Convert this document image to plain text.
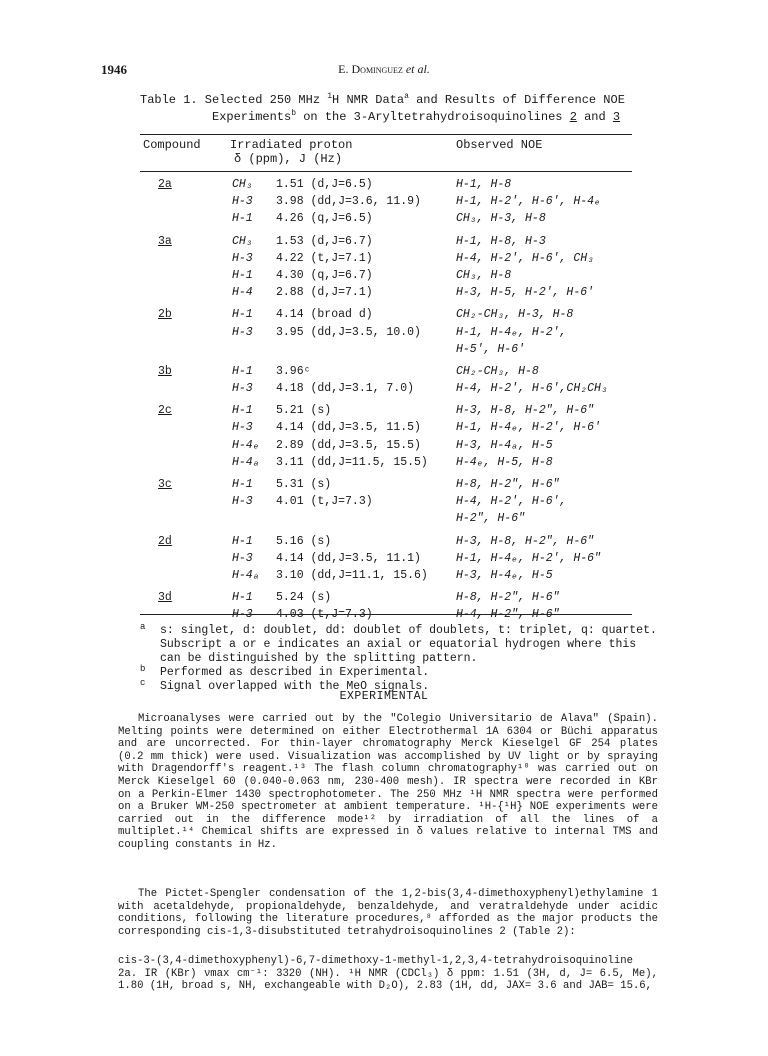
1946	E. Dominguez et al.
Table 1. Selected 250 MHz $^1$H NMR Data$^a$ and Results of Difference NOE
Experiments$^b$ on the 3-Aryltetrahydroisoquinolines 2 and 3
Compound Irradiated proton
δ (ppm), J (Hz)
Observed NOE
2a	CH₃ 1.51 (d,J=6.5)	H-1, H-8
H-3 3.98 (dd,J=3.6, 11.9)	H-1, H-2', H-6', H-4ₑ
H-1 4.26 (q,J=6.5)	CH₃, H-3, H-8
3a	CH₃ 1.53 (d,J=6.7)	H-1, H-8, H-3
H-3 4.22 (t,J=7.1)	H-4, H-2', H-6', CH₃
H-1 4.30 (q,J=6.7)	CH₃, H-8
H-4 2.88 (d,J=7.1)	H-3, H-5, H-2', H-6'
2b	H-1 4.14 (broad d)	CH₂-CH₃, H-3, H-8
H-3 3.95 (dd,J=3.5, 10.0)	H-1, H-4ₑ, H-2',
H-5', H-6'
3b	H-1 3.96ᶜ	CH₂-CH₃, H-8
H-3 4.18 (dd,J=3.1, 7.0)	H-4, H-2', H-6',CH₂CH₃
2c	H-1 5.21 (s)	H-3, H-8, H-2", H-6"
H-3 4.14 (dd,J=3.5, 11.5)	H-1, H-4ₑ, H-2', H-6'
H-4ₑ 2.89 (dd,J=3.5, 15.5)	H-3, H-4ₐ, H-5
H-4ₐ 3.11 (dd,J=11.5, 15.5) H-4ₑ, H-5, H-8
3c	H-1 5.31 (s)	H-8, H-2", H-6"
H-3 4.01 (t,J=7.3)	H-4, H-2', H-6',
H-2", H-6"
2d	H-1 5.16 (s)	H-3, H-8, H-2", H-6"
H-3 4.14 (dd,J=3.5, 11.1)	H-1, H-4ₑ, H-2', H-6"
H-4ₐ 3.10 (dd,J=11.1, 15.6) H-3, H-4ₑ, H-5
3d	H-1 5.24 (s)	H-8, H-2", H-6"
H-3 4.03 (t,J=7.3)	H-4, H-2", H-6"
a s: singlet, d: doublet, dd: doublet of doublets, t: triplet, q: quartet. Subscript a or e indicates an axial or equatorial hydrogen where this can be distinguished by the splitting pattern.
b Performed as described in Experimental.
c Signal overlapped with the MeO signals.
EXPERIMENTAL
Microanalyses were carried out by the "Colegio Universitario de Alava" (Spain). Melting points were determined on either Electrothermal 1A 6304 or Büchi apparatus and are uncorrected. For thin-layer chromatography Merck Kieselgel GF 254 plates (0.2 mm thick) were used. Visualization was accomplished by UV light or by spraying with Dragendorff's reagent.¹³ The flash column chromatography¹⁰ was carried out on Merck Kieselgel 60 (0.040-0.063 nm, 230-400 mesh). IR spectra were recorded in KBr on a Perkin-Elmer 1430 spectrophotometer. The 250 MHz ¹H NMR spectra were performed on a Bruker WM-250 spectrometer at ambient temperature. ¹H-{¹H} NOE experiments were carried out in the difference mode¹² by irradiation of all the lines of a multiplet.¹⁴ Chemical shifts are expressed in δ values relative to internal TMS and coupling constants in Hz.
The Pictet-Spengler condensation of the 1,2-bis(3,4-dimethoxyphenyl)ethylamine 1 with acetaldehyde, propionaldehyde, benzaldehyde, and veratraldehyde under acidic conditions, following the literature procedures,⁸ afforded as the major products the corresponding cis-1,3-disubstituted tetrahydroisoquinolines 2 (Table 2):
cis-3-(3,4-dimethoxyphenyl)-6,7-dimethoxy-1-methyl-1,2,3,4-tetrahydroisoquinoline 2a. IR (KBr) νmax cm⁻¹: 3320 (NH). ¹H NMR (CDCl₃) δ ppm: 1.51 (3H, d, J= 6.5, Me), 1.80 (1H, broad s, NH, exchangeable with D₂O), 2.83 (1H, dd, JAX= 3.6 and JAB= 15.6,
